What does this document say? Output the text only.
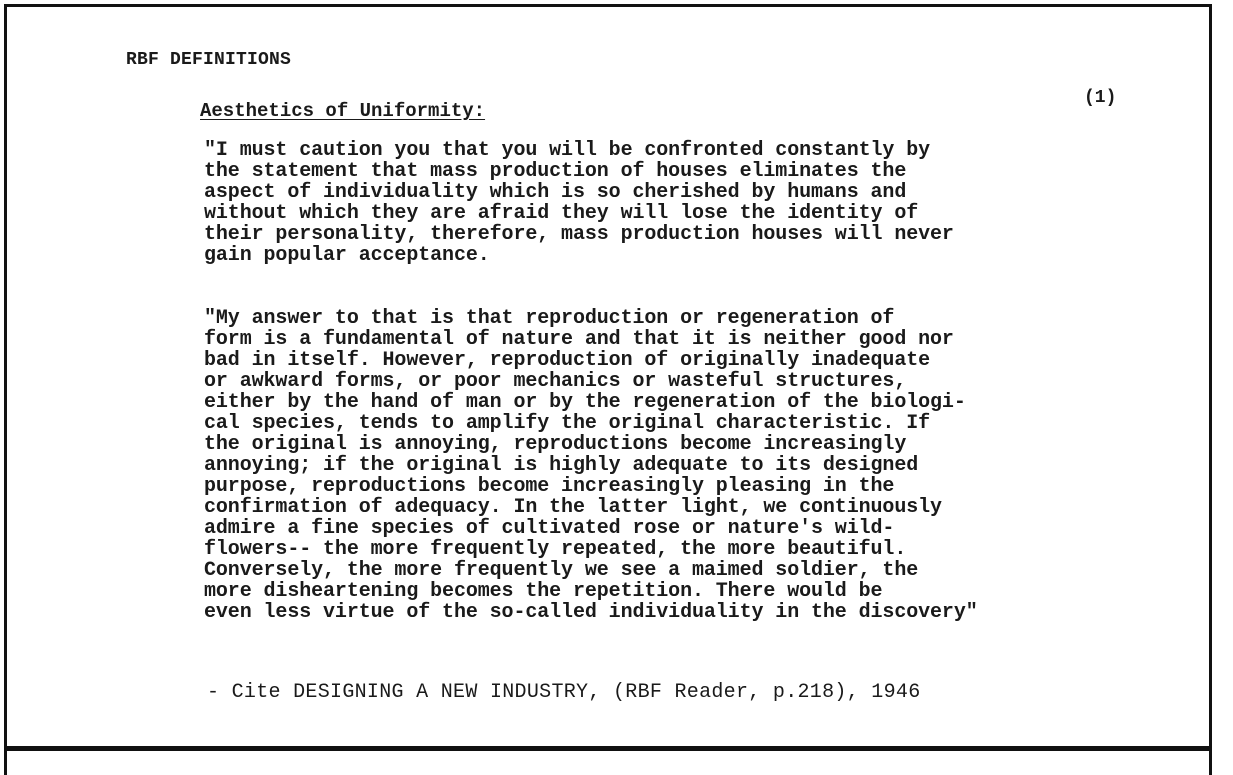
RBF DEFINITIONS
Aesthetics of Uniformity:
(1)

"I must caution you that you will be confronted constantly by
the statement that mass production of houses eliminates the
aspect of individuality which is so cherished by humans and
without which they are afraid they will lose the identity of
their personality, therefore, mass production houses will never
gain popular acceptance.

"My answer to that is that reproduction or regeneration of
form is a fundamental of nature and that it is neither good nor
bad in itself. However, reproduction of originally inadequate
or awkward forms, or poor mechanics or wasteful structures,
either by the hand of man or by the regeneration of the biologi-
cal species, tends to amplify the original characteristic. If
the original is annoying, reproductions become increasingly
annoying; if the original is highly adequate to its designed
purpose, reproductions become increasingly pleasing in the
confirmation of adequacy. In the latter light, we continuously
admire a fine species of cultivated rose or nature's wild-
flowers-- the more frequently repeated, the more beautiful.
Conversely, the more frequently we see a maimed soldier, the
more disheartening becomes the repetition. There would be
even less virtue of the so-called individuality in the discovery"

- Cite DESIGNING A NEW INDUSTRY, (RBF Reader, p.218), 1946
